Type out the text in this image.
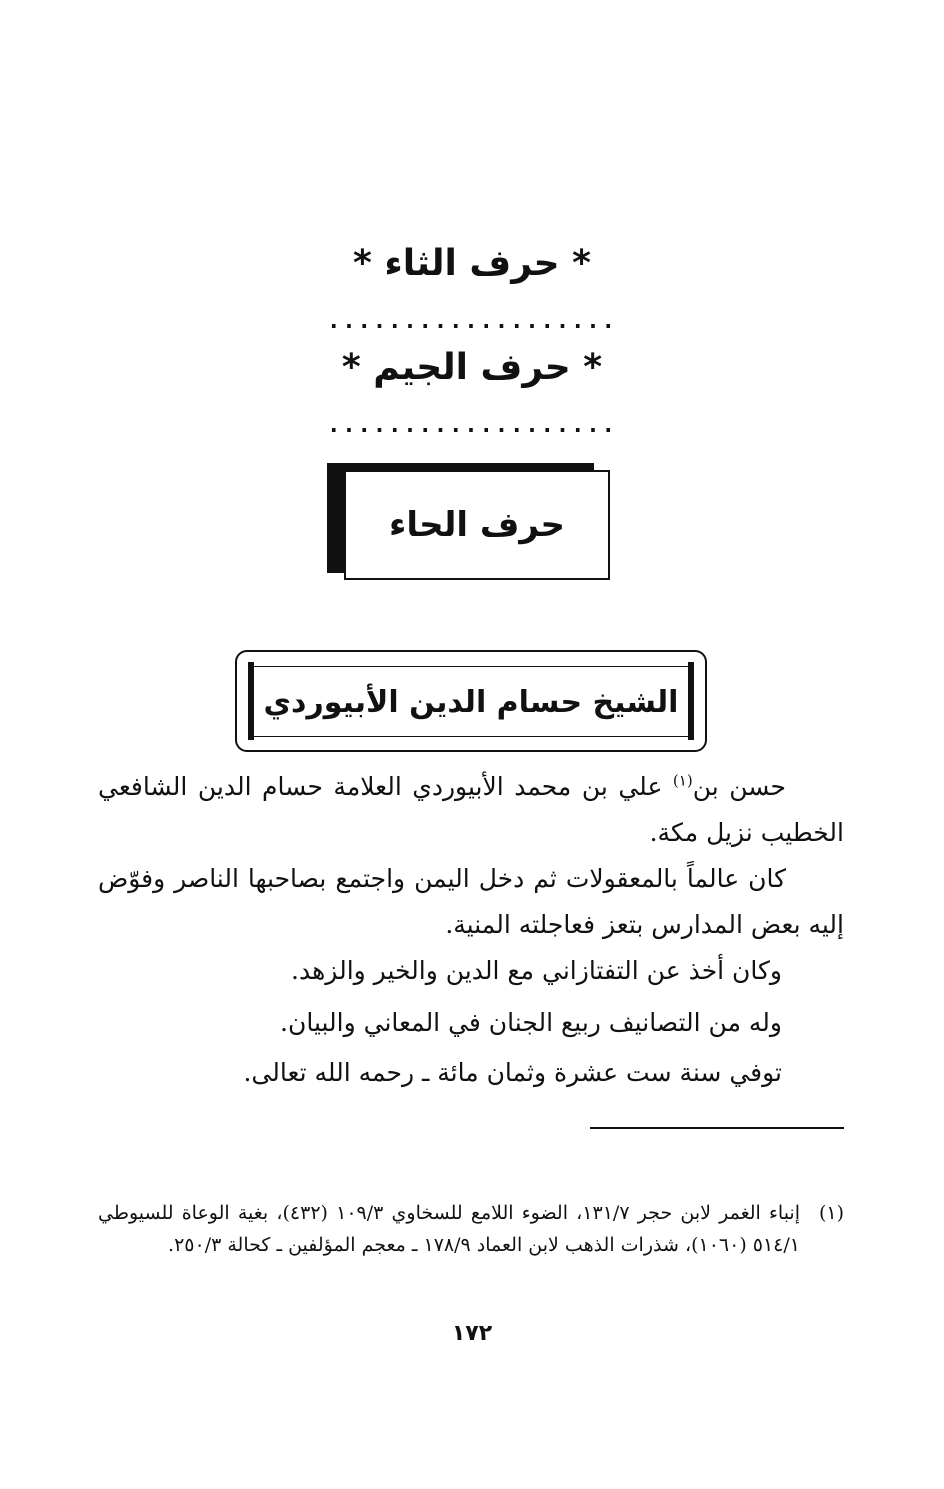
* حرف الثاء *
...................
* حرف الجيم *
...................
حرف الحاء
الشيخ حسام الدين الأبيوردي
حسن بن$^{(١)}$ علي بن محمد الأبيوردي العلامة حسام الدين الشافعي الخطيب نزيل مكة.
كان عالماً بالمعقولات ثم دخل اليمن واجتمع بصاحبها الناصر وفوّض إليه بعض المدارس بتعز فعاجلته المنية.
وكان أخذ عن التفتازاني مع الدين والخير والزهد.
وله من التصانيف ربيع الجنان في المعاني والبيان.
توفي سنة ست عشرة وثمان مائة ـ رحمه الله تعالى.
(١)
إنباء الغمر لابن حجر ١٣١/٧، الضوء اللامع للسخاوي ١٠٩/٣ (٤٣٢)، بغية الوعاة للسيوطي ٥١٤/١ (١٠٦٠)، شذرات الذهب لابن العماد ١٧٨/٩ ـ معجم المؤلفين ـ كحالة ٢٥٠/٣.
١٧٢
